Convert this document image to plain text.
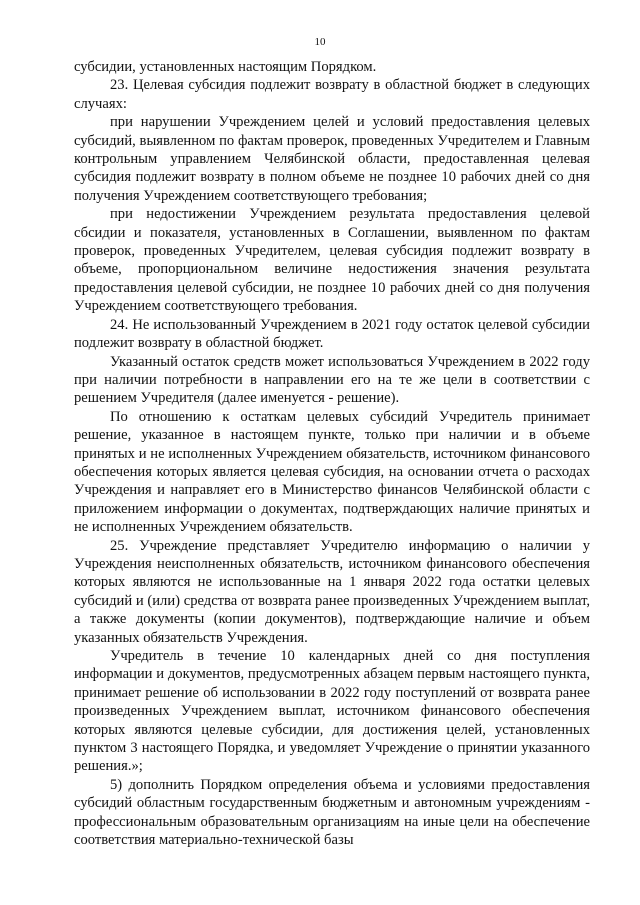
10

субсидии, установленных настоящим Порядком.

23. Целевая субсидия подлежит возврату в областной бюджет в следующих случаях:

при нарушении Учреждением целей и условий предоставления целевых субсидий, выявленном по фактам проверок, проведенных Учредителем и Главным контрольным управлением Челябинской области, предоставленная целевая субсидия подлежит возврату в полном объеме не позднее 10 рабочих дней со дня получения Учреждением соответствующего требования;

при недостижении Учреждением результата предоставления целевой сбсидии и показателя, установленных в Соглашении, выявленном по фактам проверок, проведенных Учредителем, целевая субсидия подлежит возврату в объеме, пропорциональном величине недостижения значения результата предоставления целевой субсидии, не позднее 10 рабочих дней со дня получения Учреждением соответствующего требования.

24. Не использованный Учреждением в 2021 году остаток целевой субсидии подлежит возврату в областной бюджет.

Указанный остаток средств может использоваться Учреждением в 2022 году при наличии потребности в направлении его на те же цели в соответствии с решением Учредителя (далее именуется - решение).

По отношению к остаткам целевых субсидий Учредитель принимает решение, указанное в настоящем пункте, только при наличии и в объеме принятых и не исполненных Учреждением обязательств, источником финансового обеспечения которых является целевая субсидия, на основании отчета о расходах Учреждения и направляет его в Министерство финансов Челябинской области с приложением информации о документах, подтверждающих наличие принятых и не исполненных Учреждением обязательств.

25. Учреждение представляет Учредителю информацию о наличии у Учреждения неисполненных обязательств, источником финансового обеспечения которых являются не использованные на 1 января 2022 года остатки целевых субсидий и (или) средства от возврата ранее произведенных Учреждением выплат, а также документы (копии документов), подтверждающие наличие и объем указанных обязательств Учреждения.

Учредитель в течение 10 календарных дней со дня поступления информации и документов, предусмотренных абзацем первым настоящего пункта, принимает решение об использовании в 2022 году поступлений от возврата ранее произведенных Учреждением выплат, источником финансового обеспечения которых являются целевые субсидии, для достижения целей, установленных пунктом 3 настоящего Порядка, и уведомляет Учреждение о принятии указанного решения.»;

5) дополнить Порядком определения объема и условиями предоставления субсидий областным государственным бюджетным и автономным учреждениям - профессиональным образовательным организациям на иные цели на обеспечение соответствия материально-технической базы
